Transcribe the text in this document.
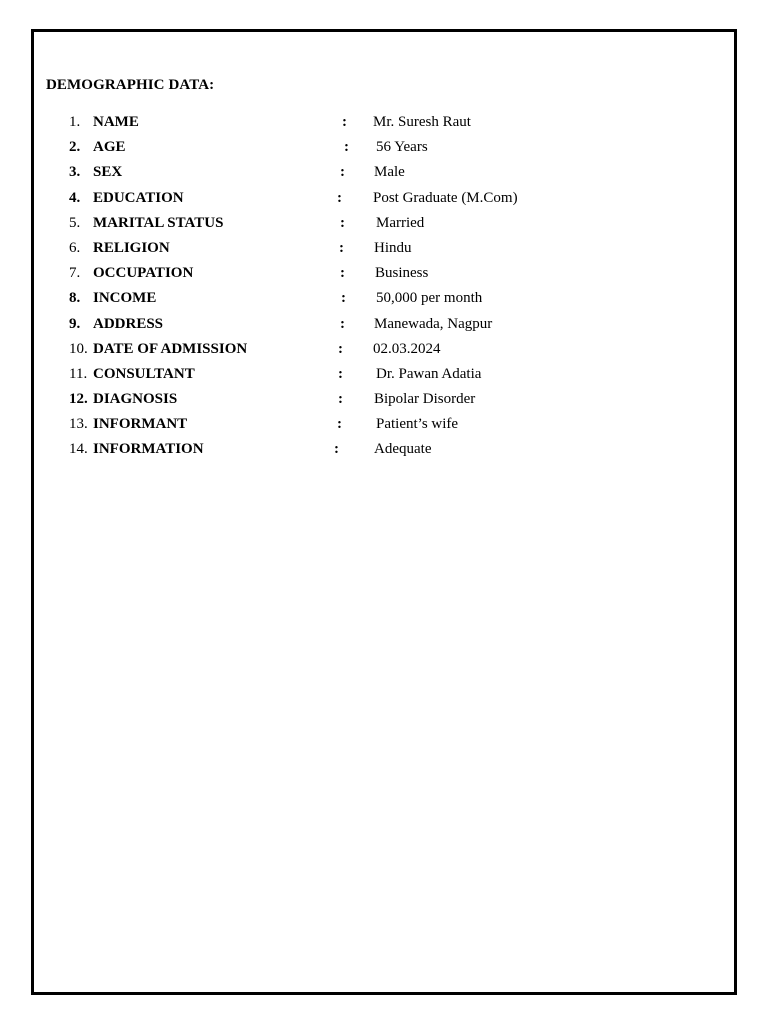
DEMOGRAPHIC DATA:
1. NAME	: Mr. Suresh Raut
2. AGE	: 56 Years
3. SEX	: Male
4. EDUCATION	: Post Graduate (M.Com)
5. MARITAL STATUS	: Married
6. RELIGION	: Hindu
7. OCCUPATION	: Business
8. INCOME	: 50,000 per month
9. ADDRESS	: Manewada, Nagpur
10. DATE OF ADMISSION	: 02.03.2024
11. CONSULTANT	: Dr. Pawan Adatia
12. DIAGNOSIS	: Bipolar Disorder
13. INFORMANT	: Patient’s wife
14. INFORMATION	: Adequate
